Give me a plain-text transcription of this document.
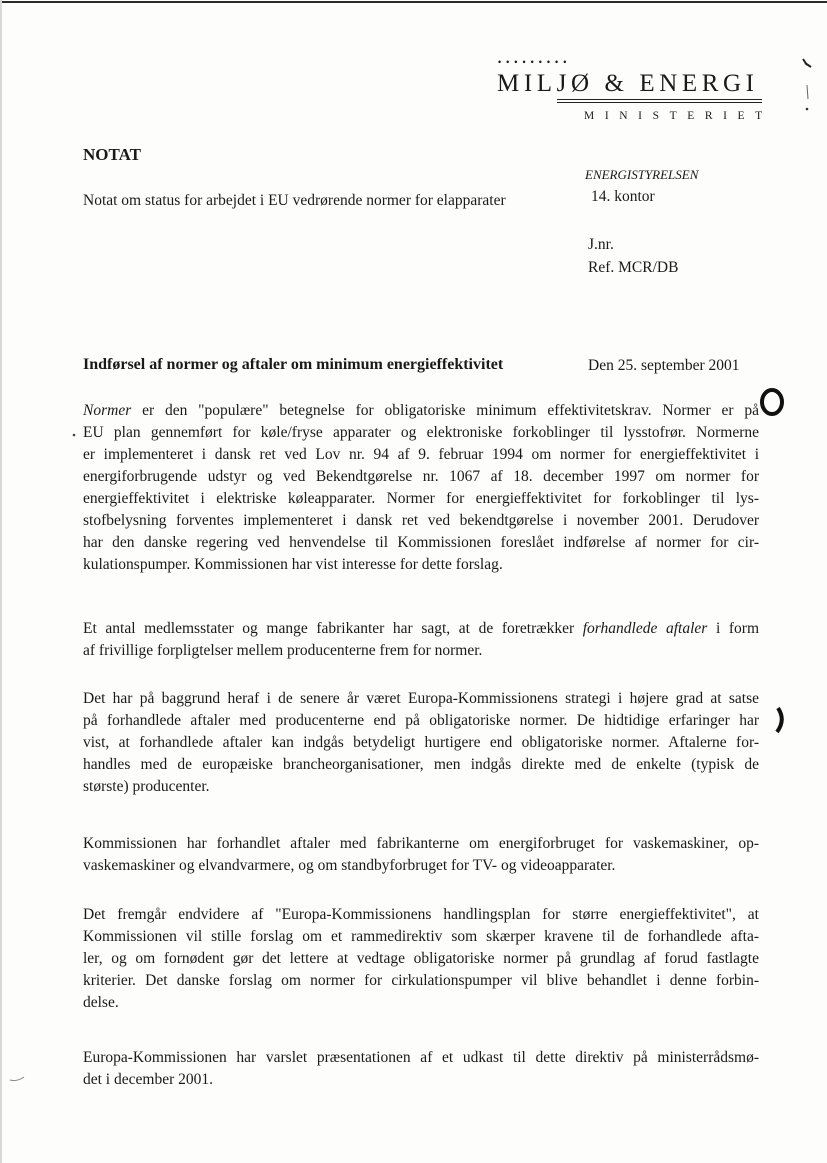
•••••••••
MILJØ & ENERGI
MINISTERIET
NOTAT
Notat om status for arbejdet i EU vedrørende normer for elapparater
ENERGISTYRELSEN
14. kontor
J.nr.
Ref. MCR/DB
Indførsel af normer og aftaler om minimum energieffektivitet	Den 25. september 2001
Normer er den "populære" betegnelse for obligatoriske minimum effektivitetskrav. Normer er på
EU plan gennemført for køle/fryse apparater og elektroniske forkoblinger til lysstofrør. Normerne
er implementeret i dansk ret ved Lov nr. 94 af 9. februar 1994 om normer for energieffektivitet i
energiforbrugende udstyr og ved Bekendtgørelse nr. 1067 af 18. december 1997 om normer for
energieffektivitet i elektriske køleapparater. Normer for energieffektivitet for forkoblinger til lys-
stofbelysning forventes implementeret i dansk ret ved bekendtgørelse i november 2001. Derudover
har den danske regering ved henvendelse til Kommissionen foreslået indførelse af normer for cir-
kulationspumper. Kommissionen har vist interesse for dette forslag.
Et antal medlemsstater og mange fabrikanter har sagt, at de foretrækker forhandlede aftaler i form
af frivillige forpligtelser mellem producenterne frem for normer.
Det har på baggrund heraf i de senere år været Europa-Kommissionens strategi i højere grad at satse
på forhandlede aftaler med producenterne end på obligatoriske normer. De hidtidige erfaringer har
vist, at forhandlede aftaler kan indgås betydeligt hurtigere end obligatoriske normer. Aftalerne for-
handles med de europæiske brancheorganisationer, men indgås direkte med de enkelte (typisk de
største) producenter.
Kommissionen har forhandlet aftaler med fabrikanterne om energiforbruget for vaskemaskiner, op-
vaskemaskiner og elvandvarmere, og om standbyforbruget for TV- og videoapparater.
Det fremgår endvidere af "Europa-Kommissionens handlingsplan for større energieffektivitet", at
Kommissionen vil stille forslag om et rammedirektiv som skærper kravene til de forhandlede afta-
ler, og om fornødent gør det lettere at vedtage obligatoriske normer på grundlag af forud fastlagte
kriterier. Det danske forslag om normer for cirkulationspumper vil blive behandlet i denne forbin-
delse.
Europa-Kommissionen har varslet præsentationen af et udkast til dette direktiv på ministerrådsmø-
det i december 2001.
